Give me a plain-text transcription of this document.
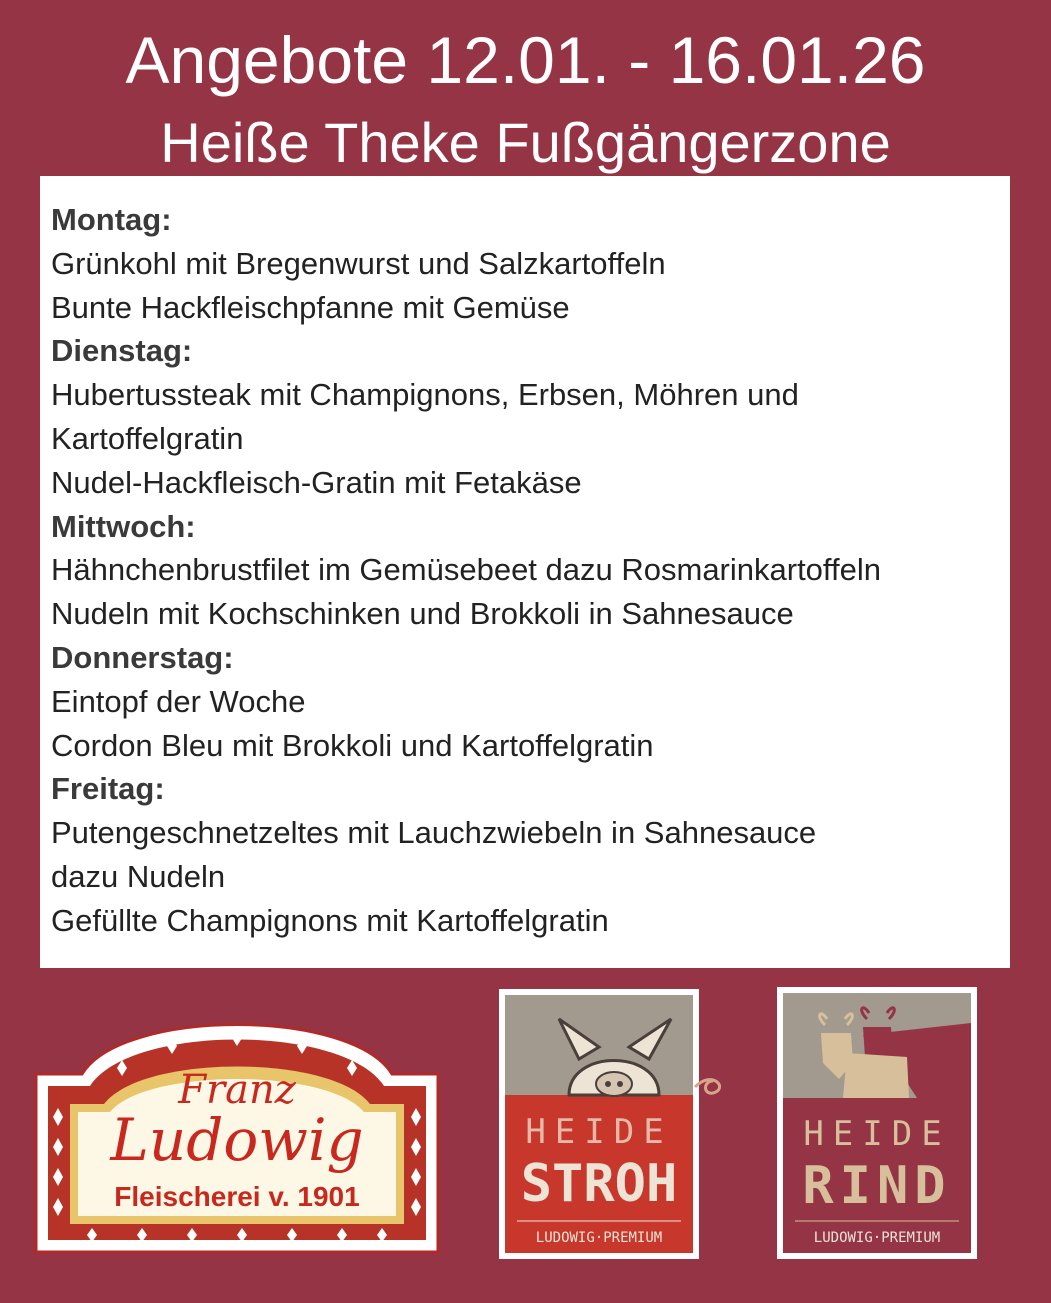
Angebote 12.01. - 16.01.26
Heiße Theke Fußgängerzone
Montag:
Grünkohl mit Bregenwurst und Salzkartoffeln
Bunte Hackfleischpfanne mit Gemüse
Dienstag:
Hubertussteak mit Champignons, Erbsen, Möhren und
Kartoffelgratin
Nudel-Hackfleisch-Gratin mit Fetakäse
Mittwoch:
Hähnchenbrustfilet im Gemüsebeet dazu Rosmarinkartoffeln
Nudeln mit Kochschinken und Brokkoli in Sahnesauce
Donnerstag:
Eintopf der Woche
Cordon Bleu mit Brokkoli und Kartoffelgratin
Freitag:
Putengeschnetzeltes mit Lauchzwiebeln in Sahnesauce
dazu Nudeln
Gefüllte Champignons mit Kartoffelgratin
Franz
Ludowig
Fleischerei v. 1901
HEIDE
STROH
LUDOWIG·PREMIUM
HEIDE
RIND
LUDOWIG·PREMIUM
